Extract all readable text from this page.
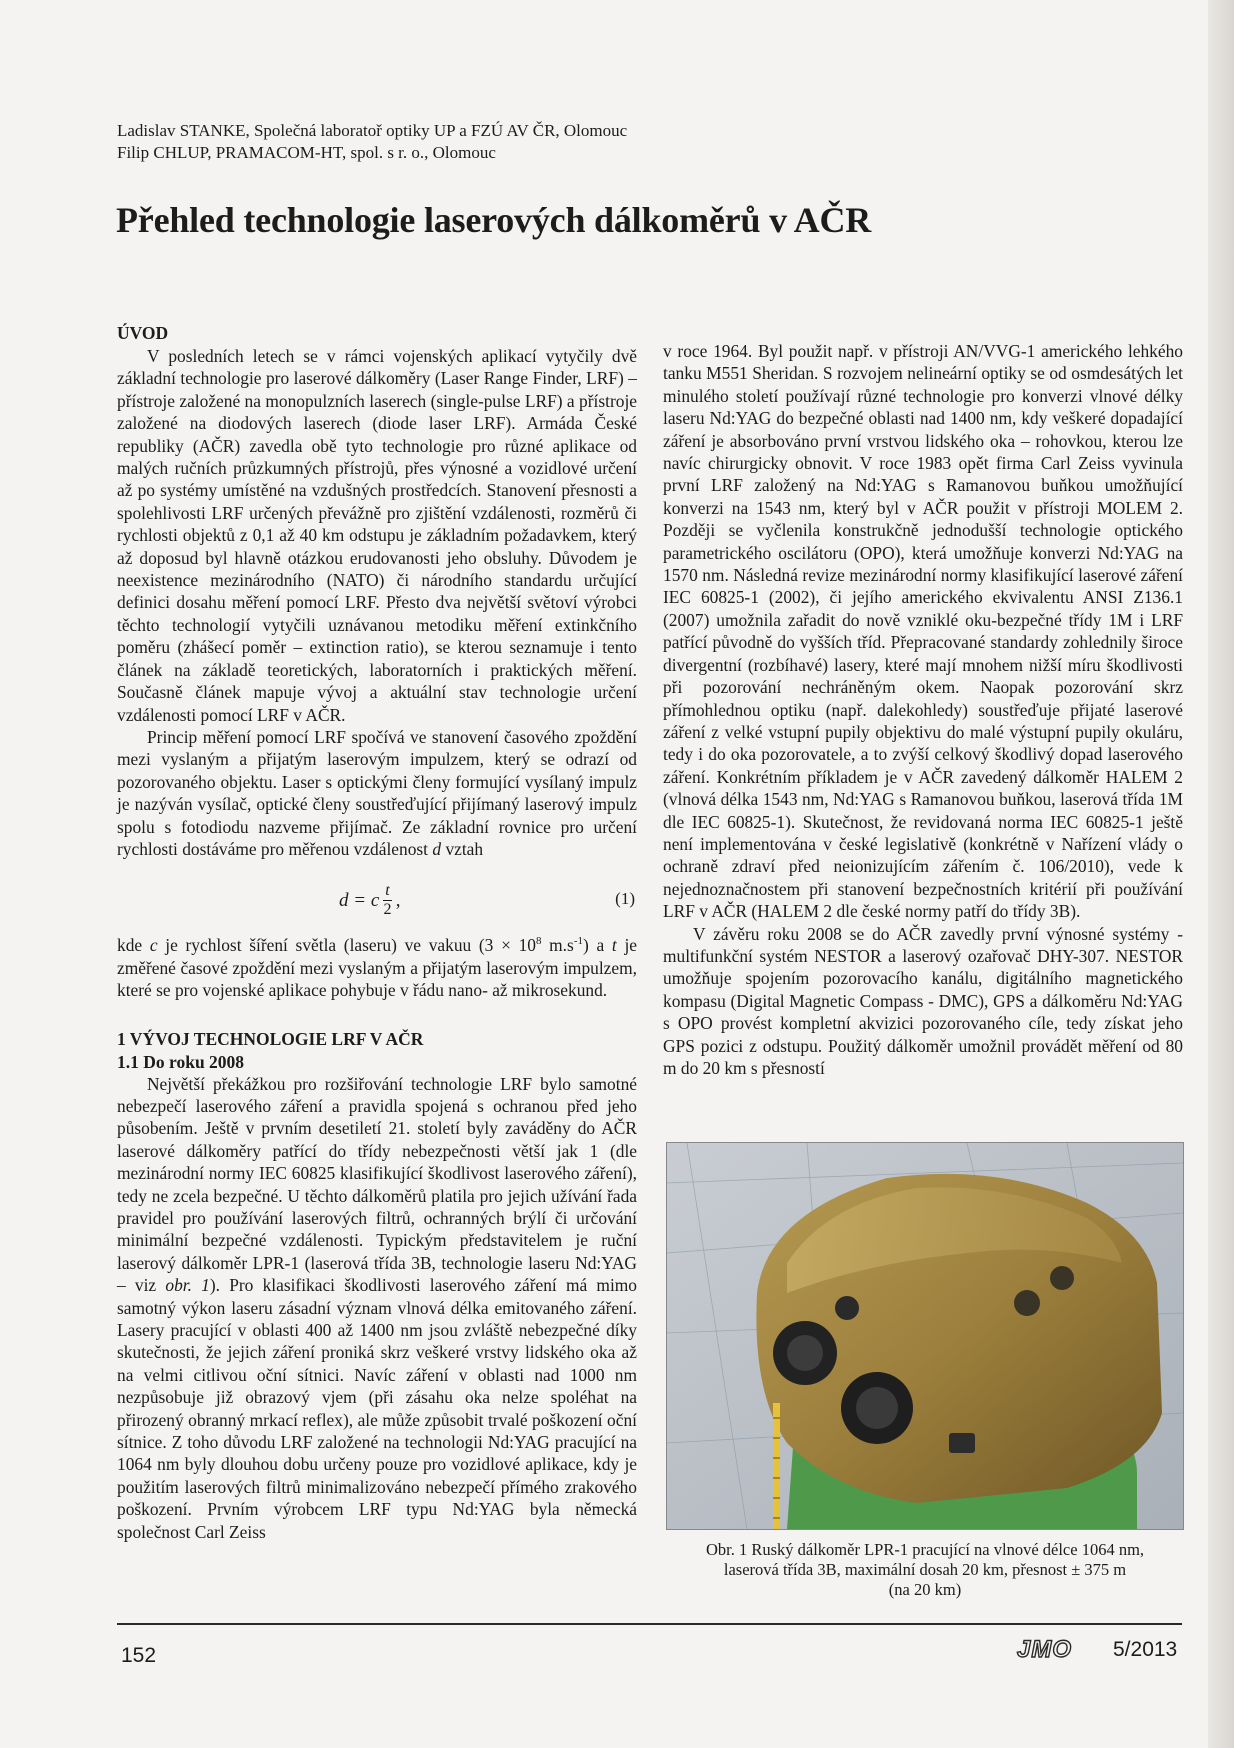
Ladislav STANKE, Společná laboratoř optiky UP a FZÚ AV ČR, Olomouc
Filip CHLUP, PRAMACOM-HT, spol. s r. o., Olomouc
Přehled technologie laserových dálkoměrů v AČR
ÚVOD

V posledních letech se v rámci vojenských aplikací vytyčily dvě základní technologie pro laserové dálkoměry (Laser Range Finder, LRF) – přístroje založené na monopulzních laserech (single-pulse LRF) a přístroje založené na diodových laserech (diode laser LRF). Armáda České republiky (AČR) zavedla obě tyto technologie pro různé aplikace od malých ručních průzkumných přístrojů, přes výnosné a vozidlové určení až po systémy umístěné na vzdušných prostředcích. Stanovení přesnosti a spolehlivosti LRF určených převážně pro zjištění vzdálenosti, rozměrů či rychlosti objektů z 0,1 až 40 km odstupu je základním požadavkem, který až doposud byl hlavně otázkou erudovanosti jeho obsluhy. Důvodem je neexistence mezinárodního (NATO) či národního standardu určující definici dosahu měření pomocí LRF. Přesto dva největší světoví výrobci těchto technologií vytyčili uznávanou metodiku měření extinkčního poměru (zhášecí poměr – extinction ratio), se kterou seznamuje i tento článek na základě teoretických, laboratorních i praktických měření. Současně článek mapuje vývoj a aktuální stav technologie určení vzdálenosti pomocí LRF v AČR.

Princip měření pomocí LRF spočívá ve stanovení časového zpoždění mezi vyslaným a přijatým laserovým impulzem, který se odrazí od pozorovaného objektu. Laser s optickými členy formující vysílaný impulz je nazýván vysílač, optické členy soustřeďující přijímaný laserový impulz spolu s fotodiodu nazveme přijímač. Ze základní rovnice pro určení rychlosti dostáváme pro měřenou vzdálenost d vztah

d = c $\frac{t}{2}$ ,	(1)

kde c je rychlost šíření světla (laseru) ve vakuu ($3 \times 10^8$ $m.s^{-1}$) a t je změřené časové zpoždění mezi vyslaným a přijatým laserovým impulzem, které se pro vojenské aplikace pohybuje v řádu nano- až mikrosekund.

1 VÝVOJ TECHNOLOGIE LRF V AČR
1.1 Do roku 2008

Největší překážkou pro rozšiřování technologie LRF bylo samotné nebezpečí laserového záření a pravidla spojená s ochranou před jeho působením. Ještě v prvním desetiletí 21. století byly zaváděny do AČR laserové dálkoměry patřící do třídy nebezpečnosti větší jak 1 (dle mezinárodní normy IEC 60825 klasifikující škodlivost laserového záření), tedy ne zcela bezpečné. U těchto dálkoměrů platila pro jejich užívání řada pravidel pro používání laserových filtrů, ochranných brýlí či určování minimální bezpečné vzdálenosti. Typickým představitelem je ruční laserový dálkoměr LPR-1 (laserová třída 3B, technologie laseru Nd:YAG – viz obr. 1). Pro klasifikaci škodlivosti laserového záření má mimo samotný výkon laseru zásadní význam vlnová délka emitovaného záření. Lasery pracující v oblasti 400 až 1400 nm jsou zvláště nebezpečné díky skutečnosti, že jejich záření proniká skrz veškeré vrstvy lidského oka až na velmi citlivou oční sítnici. Navíc záření v oblasti nad 1000 nm nezpůsobuje již obrazový vjem (při zásahu oka nelze spoléhat na přirozený obranný mrkací reflex), ale může způsobit trvalé poškození oční sítnice. Z toho důvodu LRF založené na technologii Nd:YAG pracující na 1064 nm byly dlouhou dobu určeny pouze pro vozidlové aplikace, kdy je použitím laserových filtrů minimalizováno nebezpečí přímého zrakového poškození. Prvním výrobcem LRF typu Nd:YAG byla německá společnost Carl Zeiss

v roce 1964. Byl použit např. v přístroji AN/VVG-1 amerického lehkého tanku M551 Sheridan. S rozvojem nelineární optiky se od osmdesátých let minulého století používají různé technologie pro konverzi vlnové délky laseru Nd:YAG do bezpečné oblasti nad 1400 nm, kdy veškeré dopadající záření je absorbováno první vrstvou lidského oka – rohovkou, kterou lze navíc chirurgicky obnovit. V roce 1983 opět firma Carl Zeiss vyvinula první LRF založený na Nd:YAG s Ramanovou buňkou umožňující konverzi na 1543 nm, který byl v AČR použit v přístroji MOLEM 2. Později se vyčlenila konstrukčně jednodušší technologie optického parametrického oscilátoru (OPO), která umožňuje konverzi Nd:YAG na 1570 nm. Následná revize mezinárodní normy klasifikující laserové záření IEC 60825-1 (2002), či jejího amerického ekvivalentu ANSI Z136.1 (2007) umožnila zařadit do nově vzniklé oku-bezpečné třídy 1M i LRF patřící původně do vyšších tříd. Přepracované standardy zohlednily široce divergentní (rozbíhavé) lasery, které mají mnohem nižší míru škodlivosti při pozorování nechráněným okem. Naopak pozorování skrz přímohlednou optiku (např. dalekohledy) soustřeďuje přijaté laserové záření z velké vstupní pupily objektivu do malé výstupní pupily okuláru, tedy i do oka pozorovatele, a to zvýší celkový škodlivý dopad laserového záření. Konkrétním příkladem je v AČR zavedený dálkoměr HALEM 2 (vlnová délka 1543 nm, Nd:YAG s Ramanovou buňkou, laserová třída 1M dle IEC 60825-1). Skutečnost, že revidovaná norma IEC 60825-1 ještě není implementována v české legislativě (konkrétně v Nařízení vlády o ochraně zdraví před neionizujícím zářením č. 106/2010), vede k nejednoznačnostem při stanovení bezpečnostních kritérií při používání LRF v AČR (HALEM 2 dle české normy patří do třídy 3B).

V závěru roku 2008 se do AČR zavedly první výnosné systémy - multifunkční systém NESTOR a laserový ozařovač DHY-307. NESTOR umožňuje spojením pozorovacího kanálu, digitálního magnetického kompasu (Digital Magnetic Compass - DMC), GPS a dálkoměru Nd:YAG s OPO provést kompletní akvizici pozorovaného cíle, tedy získat jeho GPS pozici z odstupu. Použitý dálkoměr umožnil provádět měření od 80 m do 20 km s přesností

Obr. 1 Ruský dálkoměr LPR-1 pracující na vlnové délce 1064 nm,
laserová třída 3B, maximální dosah 20 km, přesnost ± 375 m
(na 20 km)
152	JMO 5/2013
